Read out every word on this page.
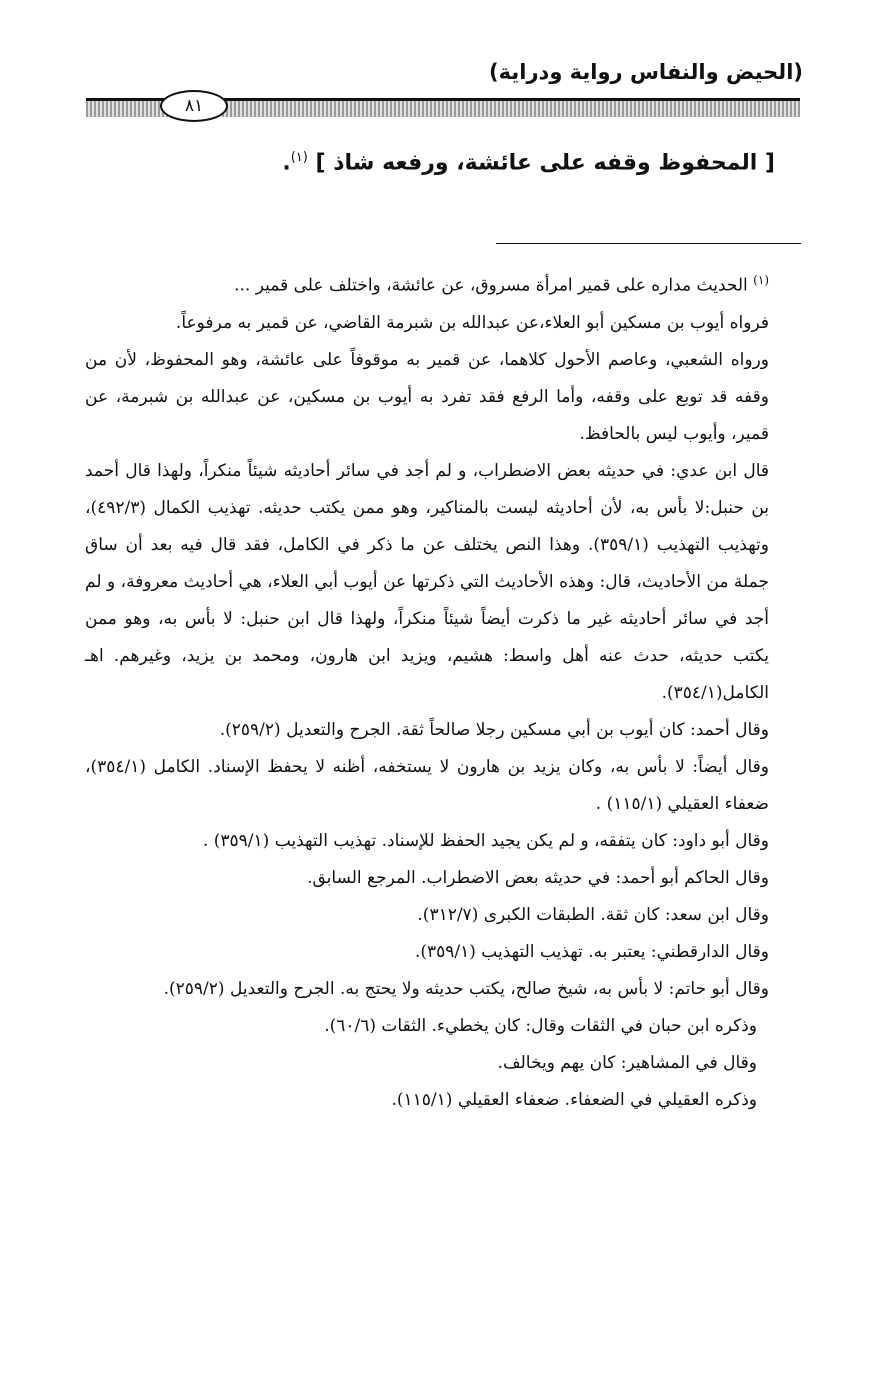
(الحيض والنفاس رواية ودراية)
٨١
[ المحفوظ وقفه على عائشة، ورفعه شاذ ] $^{(١)}$.

$^{(١)}$ الحديث مداره على قمير امرأة مسروق، عن عائشة، واختلف على قمير ...

فرواه أيوب بن مسكين أبو العلاء،عن عبدالله بن شبرمة القاضي، عن قمير به مرفوعاً.

ورواه الشعبي، وعاصم الأحول كلاهما، عن قمير به موقوفاً على عائشة، وهو المحفوظ، لأن من وقفه قد توبع على وقفه، وأما الرفع فقد تفرد به أيوب بن مسكين، عن عبدالله بن شبرمة، عن قمير، وأيوب ليس بالحافظ.

قال ابن عدي: في حديثه بعض الاضطراب، و لم أجد في سائر أحاديثه شيئاً منكراً، ولهذا قال أحمد بن حنبل:لا بأس به، لأن أحاديثه ليست بالمناكير، وهو ممن يكتب حديثه. تهذيب الكمال (٤٩٢/٣)، وتهذيب التهذيب (٣٥٩/١). وهذا النص يختلف عن ما ذكر في الكامل، فقد قال فيه بعد أن ساق جملة من الأحاديث، قال: وهذه الأحاديث التي ذكرتها عن أيوب أبي العلاء، هي أحاديث معروفة، و لم أجد في سائر أحاديثه غير ما ذكرت أيضاً شيئاً منكراً، ولهذا قال ابن حنبل: لا بأس به، وهو ممن يكتب حديثه، حدث عنه أهل واسط: هشيم، ويزيد ابن هارون، ومحمد بن يزيد، وغيرهم. اهـ الكامل(٣٥٤/١).

وقال أحمد: كان أيوب بن أبي مسكين رجلا صالحاً ثقة. الجرح والتعديل (٢٥٩/٢).

وقال أيضاً: لا بأس به، وكان يزيد بن هارون لا يستخفه، أظنه لا يحفظ الإسناد. الكامل (٣٥٤/١)، ضعفاء العقيلي (١١٥/١) .

وقال أبو داود: كان يتفقه، و لم يكن يجيد الحفظ للإسناد. تهذيب التهذيب (٣٥٩/١) .

وقال الحاكم أبو أحمد: في حديثه بعض الاضطراب. المرجع السابق.

وقال ابن سعد: كان ثقة. الطبقات الكبرى (٣١٢/٧).

وقال الدارقطني: يعتبر به. تهذيب التهذيب (٣٥٩/١).

وقال أبو حاتم: لا بأس به، شيخ صالح، يكتب حديثه ولا يحتج به. الجرح والتعديل (٢٥٩/٢).

وذكره ابن حبان في الثقات وقال: كان يخطيء. الثقات (٦٠/٦).

وقال في المشاهير: كان يهم ويخالف.

وذكره العقيلي في الضعفاء. ضعفاء العقيلي (١١٥/١).
